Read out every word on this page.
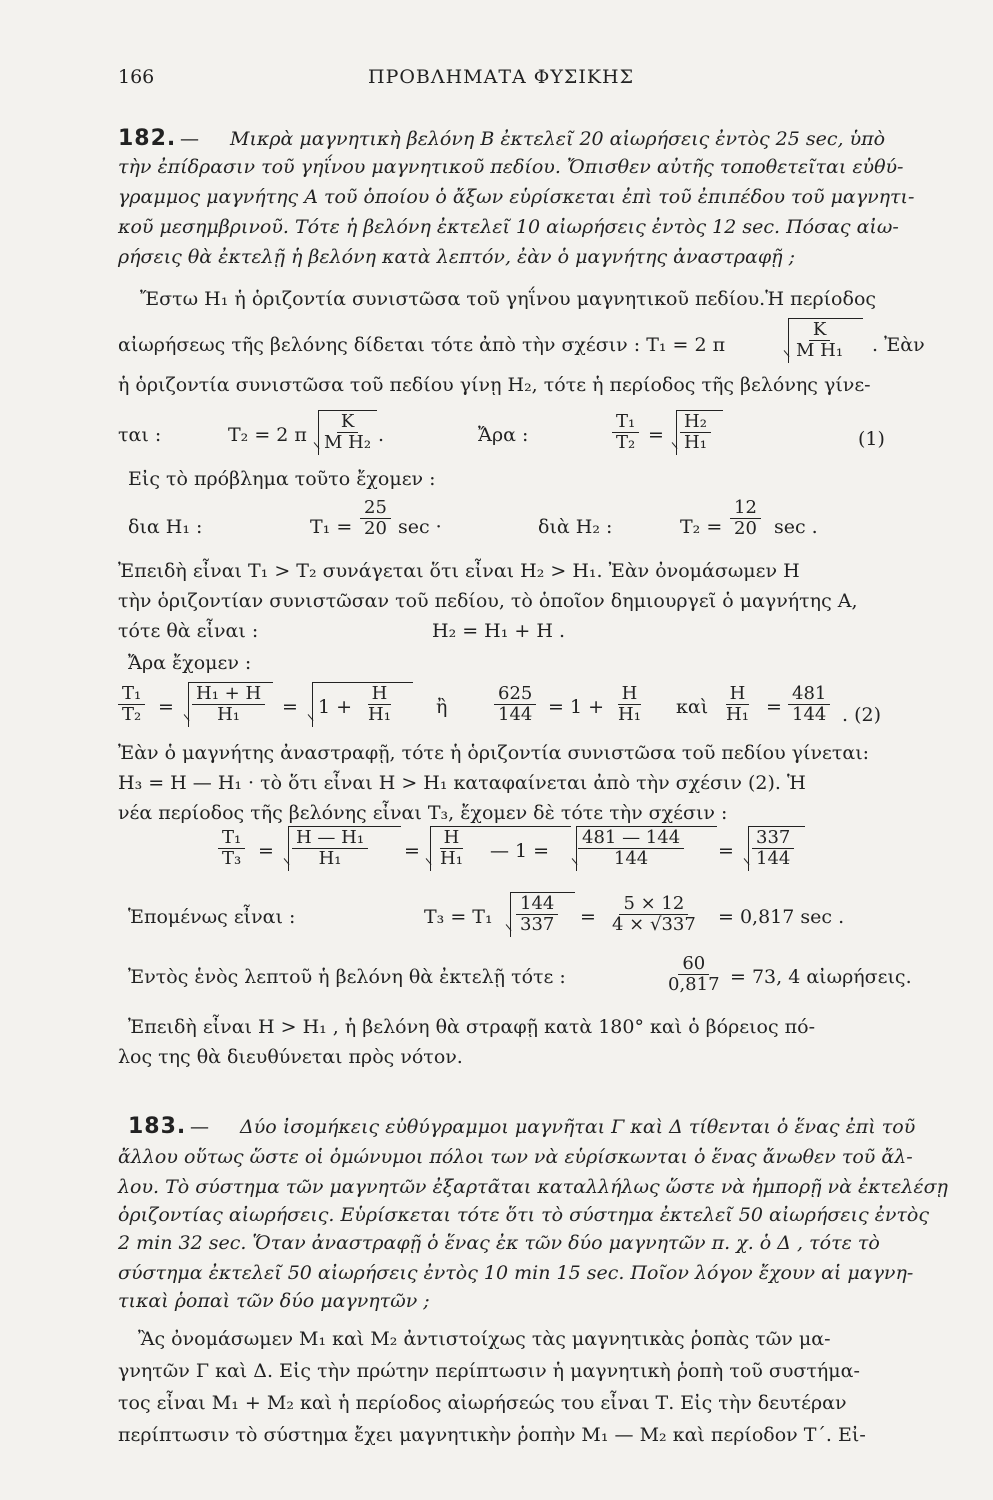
166	ΠΡΟΒΛΗΜΑΤΑ ΦΥΣΙΚΗΣ
182. — Μικρὰ μαγνητικὴ βελόνη Β ἐκτελεῖ 20 αἰωρήσεις ἐντὸς 25 sec, ὑπὸ
τὴν ἐπίδρασιν τοῦ γηΐνου μαγνητικοῦ πεδίου. Ὄπισθεν αὐτῆς τοποθετεῖται εὐθύ-
γραμμος μαγνήτης Α τοῦ ὁποίου ὁ ἄξων εὑρίσκεται ἐπὶ τοῦ ἐπιπέδου τοῦ μαγνητι-
κοῦ μεσημβρινοῦ. Τότε ἡ βελόνη ἐκτελεῖ 10 αἰωρήσεις ἐντὸς 12 sec. Πόσας αἰω-
ρήσεις θὰ ἐκτελῇ ἡ βελόνη κατὰ λεπτόν, ἐὰν ὁ μαγνήτης ἀναστραφῇ ;
Ἔστω Η₁ ἡ ὁριζοντία συνιστῶσα τοῦ γηΐνου μαγνητικοῦ πεδίου.Ἡ περίοδος
αἰωρήσεως τῆς βελόνης δίδεται τότε ἀπὸ τὴν σχέσιν : Τ₁ = 2 π	$\frac{K}{\text{M H₁}}$ . Ἐὰν
ἡ ὁριζοντία συνιστῶσα τοῦ πεδίου γίνῃ Η₂, τότε ἡ περίοδος τῆς βελόνης γίνε-
ται :	Τ₂ = 2 π $\frac{K}{\text{M H₂}}$ .	Ἄρα :	$\frac{\text{Τ₁}}{\text{Τ₂}} = \frac{\text{Η₂}}{\text{Η₁}}$	(1)
Εἰς τὸ πρόβλημα τοῦτο ἔχομεν :
δια Η₁ :	$T_1 = \frac{25}{20}$ sec ·	διὰ Η₂ :	$T_2 = \frac{12}{20}$ sec .
Ἐπειδὴ εἶναι Τ₁ > Τ₂ συνάγεται ὅτι εἶναι Η₂ > Η₁. Ἐὰν ὀνομάσωμεν Η
τὴν ὁριζοντίαν συνιστῶσαν τοῦ πεδίου, τὸ ὁποῖον δημιουργεῖ ὁ μαγνήτης Α,
τότε θὰ εἶναι :	Η₂ = Η₁ + Η .
Ἄρα ἔχομεν :
$\frac{\text{Τ₁}}{\text{Τ₂}} = \frac{\text{Η₁ + Η}}{\text{Η₁}} = 1 + \frac{H}{\text{Η₁}}$ ἢ	$\frac{625}{144} = 1 + \frac{H}{\text{Η₁}}$ καὶ $\frac{H}{\text{Η₁}} = \frac{481}{144}$ . (2)
Ἐὰν ὁ μαγνήτης ἀναστραφῇ, τότε ἡ ὁριζοντία συνιστῶσα τοῦ πεδίου γίνεται:
Η₃ = Η — Η₁ · τὸ ὅτι εἶναι Η > Η₁ καταφαίνεται ἀπὸ τὴν σχέσιν (2). Ἡ
νέα περίοδος τῆς βελόνης εἶναι Τ₃, ἔχομεν δὲ τότε τὴν σχέσιν :
$\frac{\text{Τ₁}}{\text{Τ₃}} = \frac{\text{Η — Η₁}}{\text{Η₁}} = \frac{H}{\text{Η₁}}$ — $1 = \frac{481 — 144}{144} = \frac{337}{144}$
Ἑπομένως εἶναι :	$T_3 = T_1 \frac{144}{337} = \frac{5 \times 12}{4 \times √337} = 0,817$ sec .
Ἐντὸς ἑνὸς λεπτοῦ ἡ βελόνη θὰ ἐκτελῇ τότε :	$\frac{60}{0,817} = 73$, 4 αἰωρήσεις.
Ἐπειδὴ εἶναι Η > Η₁ , ἡ βελόνη θὰ στραφῇ κατὰ 180° καὶ ὁ βόρειος πό-
λος της θὰ διευθύνεται πρὸς νότον.
183. — Δύο ἰσομήκεις εὐθύγραμμοι μαγνῆται Γ καὶ Δ τίθενται ὁ ἕνας ἐπὶ τοῦ
ἄλλου οὕτως ὥστε οἱ ὁμώνυμοι πόλοι των νὰ εὑρίσκωνται ὁ ἕνας ἄνωθεν τοῦ ἄλ-
λου. Τὸ σύστημα τῶν μαγνητῶν ἐξαρτᾶται καταλλήλως ὥστε νὰ ἠμπορῇ νὰ ἐκτελέσῃ
ὁριζοντίας αἰωρήσεις. Εὑρίσκεται τότε ὅτι τὸ σύστημα ἐκτελεῖ 50 αἰωρήσεις ἐντὸς
2 min 32 sec. Ὅταν ἀναστραφῇ ὁ ἕνας ἐκ τῶν δύο μαγνητῶν π. χ. ὁ Δ , τότε τὸ
σύστημα ἐκτελεῖ 50 αἰωρήσεις ἐντὸς 10 min 15 sec. Ποῖον λόγον ἔχουν αἱ μαγνη-
τικαὶ ῥοπαὶ τῶν δύο μαγνητῶν ;
Ἂς ὀνομάσωμεν Μ₁ καὶ Μ₂ ἀντιστοίχως τὰς μαγνητικὰς ῥοπὰς τῶν μα-
γνητῶν Γ καὶ Δ. Εἰς τὴν πρώτην περίπτωσιν ἡ μαγνητικὴ ῥοπὴ τοῦ συστήμα-
τος εἶναι Μ₁ + Μ₂ καὶ ἡ περίοδος αἰωρήσεώς του εἶναι Τ. Εἰς τὴν δευτέραν
περίπτωσιν τὸ σύστημα ἔχει μαγνητικὴν ῥοπὴν Μ₁ — Μ₂ καὶ περίοδον Τ΄. Εἰ-
